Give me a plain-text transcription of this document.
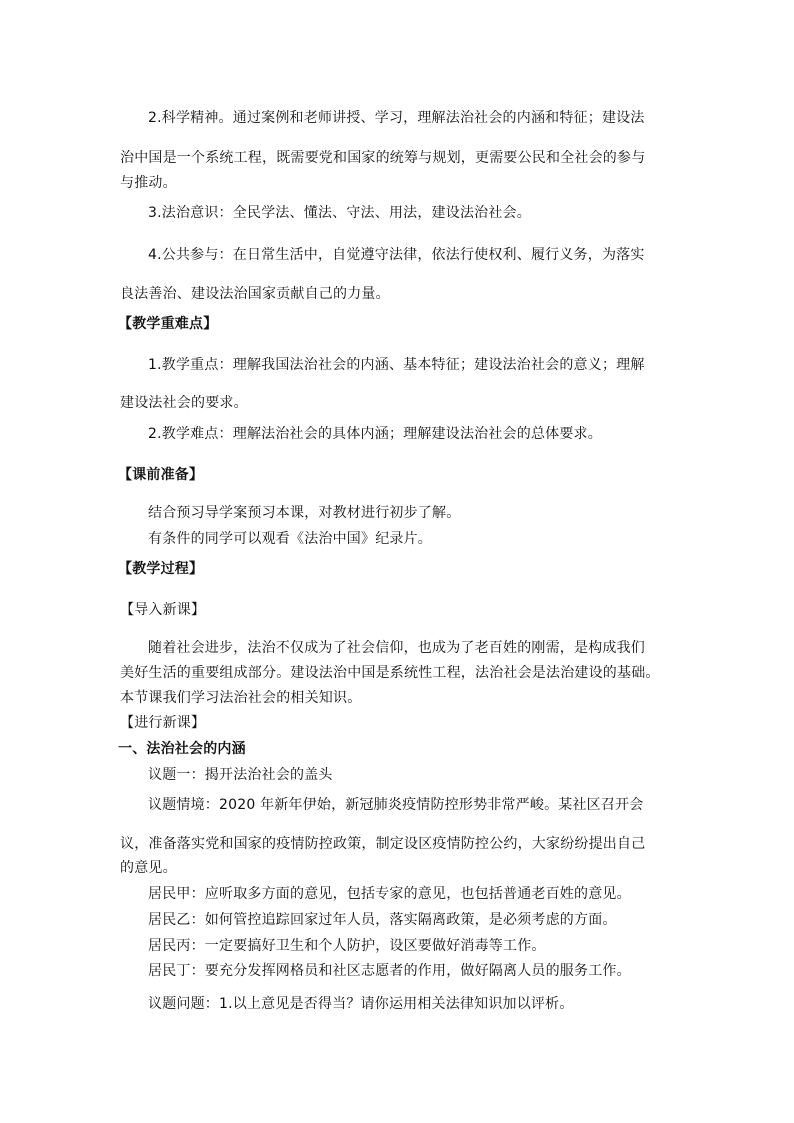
2.科学精神。通过案例和老师讲授、学习，理解法治社会的内涵和特征；建设法
治中国是一个系统工程，既需要党和国家的统筹与规划，更需要公民和全社会的参与
与推动。
3.法治意识：全民学法、懂法、守法、用法，建设法治社会。
4.公共参与：在日常生活中，自觉遵守法律，依法行使权利、履行义务，为落实
良法善治、建设法治国家贡献自己的力量。
【教学重难点】
1.教学重点：理解我国法治社会的内涵、基本特征；建设法治社会的意义；理解
建设法社会的要求。
2.教学难点：理解法治社会的具体内涵；理解建设法治社会的总体要求。
【课前准备】
结合预习导学案预习本课，对教材进行初步了解。
有条件的同学可以观看《法治中国》纪录片。
【教学过程】
【导入新课】
随着社会进步，法治不仅成为了社会信仰，也成为了老百姓的刚需，是构成我们
美好生活的重要组成部分。建设法治中国是系统性工程，法治社会是法治建设的基础。
本节课我们学习法治社会的相关知识。
【进行新课】
一、法治社会的内涵
议题一：揭开法治社会的盖头
议题情境：2020 年新年伊始，新冠肺炎疫情防控形势非常严峻。某社区召开会
议，准备落实党和国家的疫情防控政策，制定设区疫情防控公约，大家纷纷提出自己
的意见。
居民甲：应听取多方面的意见，包括专家的意见，也包括普通老百姓的意见。
居民乙：如何管控追踪回家过年人员，落实隔离政策，是必须考虑的方面。
居民丙：一定要搞好卫生和个人防护，设区要做好消毒等工作。
居民丁：要充分发挥网格员和社区志愿者的作用，做好隔离人员的服务工作。
议题问题：1.以上意见是否得当？请你运用相关法律知识加以评析。
